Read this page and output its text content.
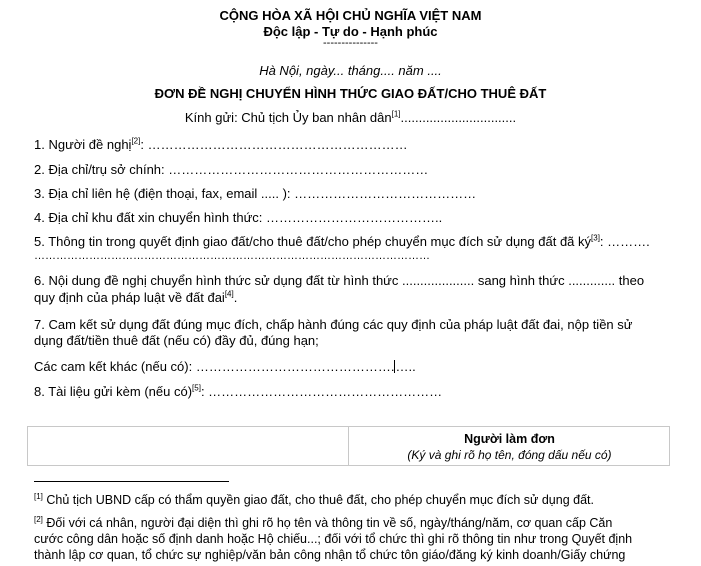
CỘNG HÒA XÃ HỘI CHỦ NGHĨA VIỆT NAM
Độc lập - Tự do - Hạnh phúc
---------------
Hà Nội, ngày... tháng.... năm ....
ĐƠN ĐỀ NGHỊ CHUYỂN HÌNH THỨC GIAO ĐẤT/CHO THUÊ ĐẤT
Kính gửi: Chủ tịch Ủy ban nhân dân[1]................................
1. Người đề nghị[2]: ……………………………………………………
2. Địa chỉ/trụ sở chính: ……………………………………………………
3. Địa chỉ liên hệ (điện thoại, fax, email ..... ): ……………………………………
4. Địa chỉ khu đất xin chuyển hình thức: …………………………………..
5. Thông tin trong quyết định giao đất/cho thuê đất/cho phép chuyển mục đích sử dụng đất đã ký[3]: ……….
………………………………………………………………………………………………
6. Nội dung đề nghị chuyển hình thức sử dụng đất từ hình thức .................... sang hình thức ............. theo
quy định của pháp luật về đất đai[4].
7. Cam kết sử dụng đất đúng mục đích, chấp hành đúng các quy định của pháp luật đất đai, nộp tiền sử
dụng đất/tiền thuê đất (nếu có) đầy đủ, đúng hạn;
Các cam kết khác (nếu có): ……………………………………….…..
8. Tài liệu gửi kèm (nếu có)[5]: ………………………………………………
Người làm đơn
(Ký và ghi rõ họ tên, đóng dấu nếu có)
[1] Chủ tịch UBND cấp có thẩm quyền giao đất, cho thuê đất, cho phép chuyển mục đích sử dụng đất.
[2] Đối với cá nhân, người đại diện thì ghi rõ họ tên và thông tin về số, ngày/tháng/năm, cơ quan cấp Căn
cước công dân hoặc số định danh hoặc Hộ chiếu...; đối với tổ chức thì ghi rõ thông tin như trong Quyết định
thành lập cơ quan, tổ chức sự nghiệp/văn bản công nhận tổ chức tôn giáo/đăng ký kinh doanh/Giấy chứng
